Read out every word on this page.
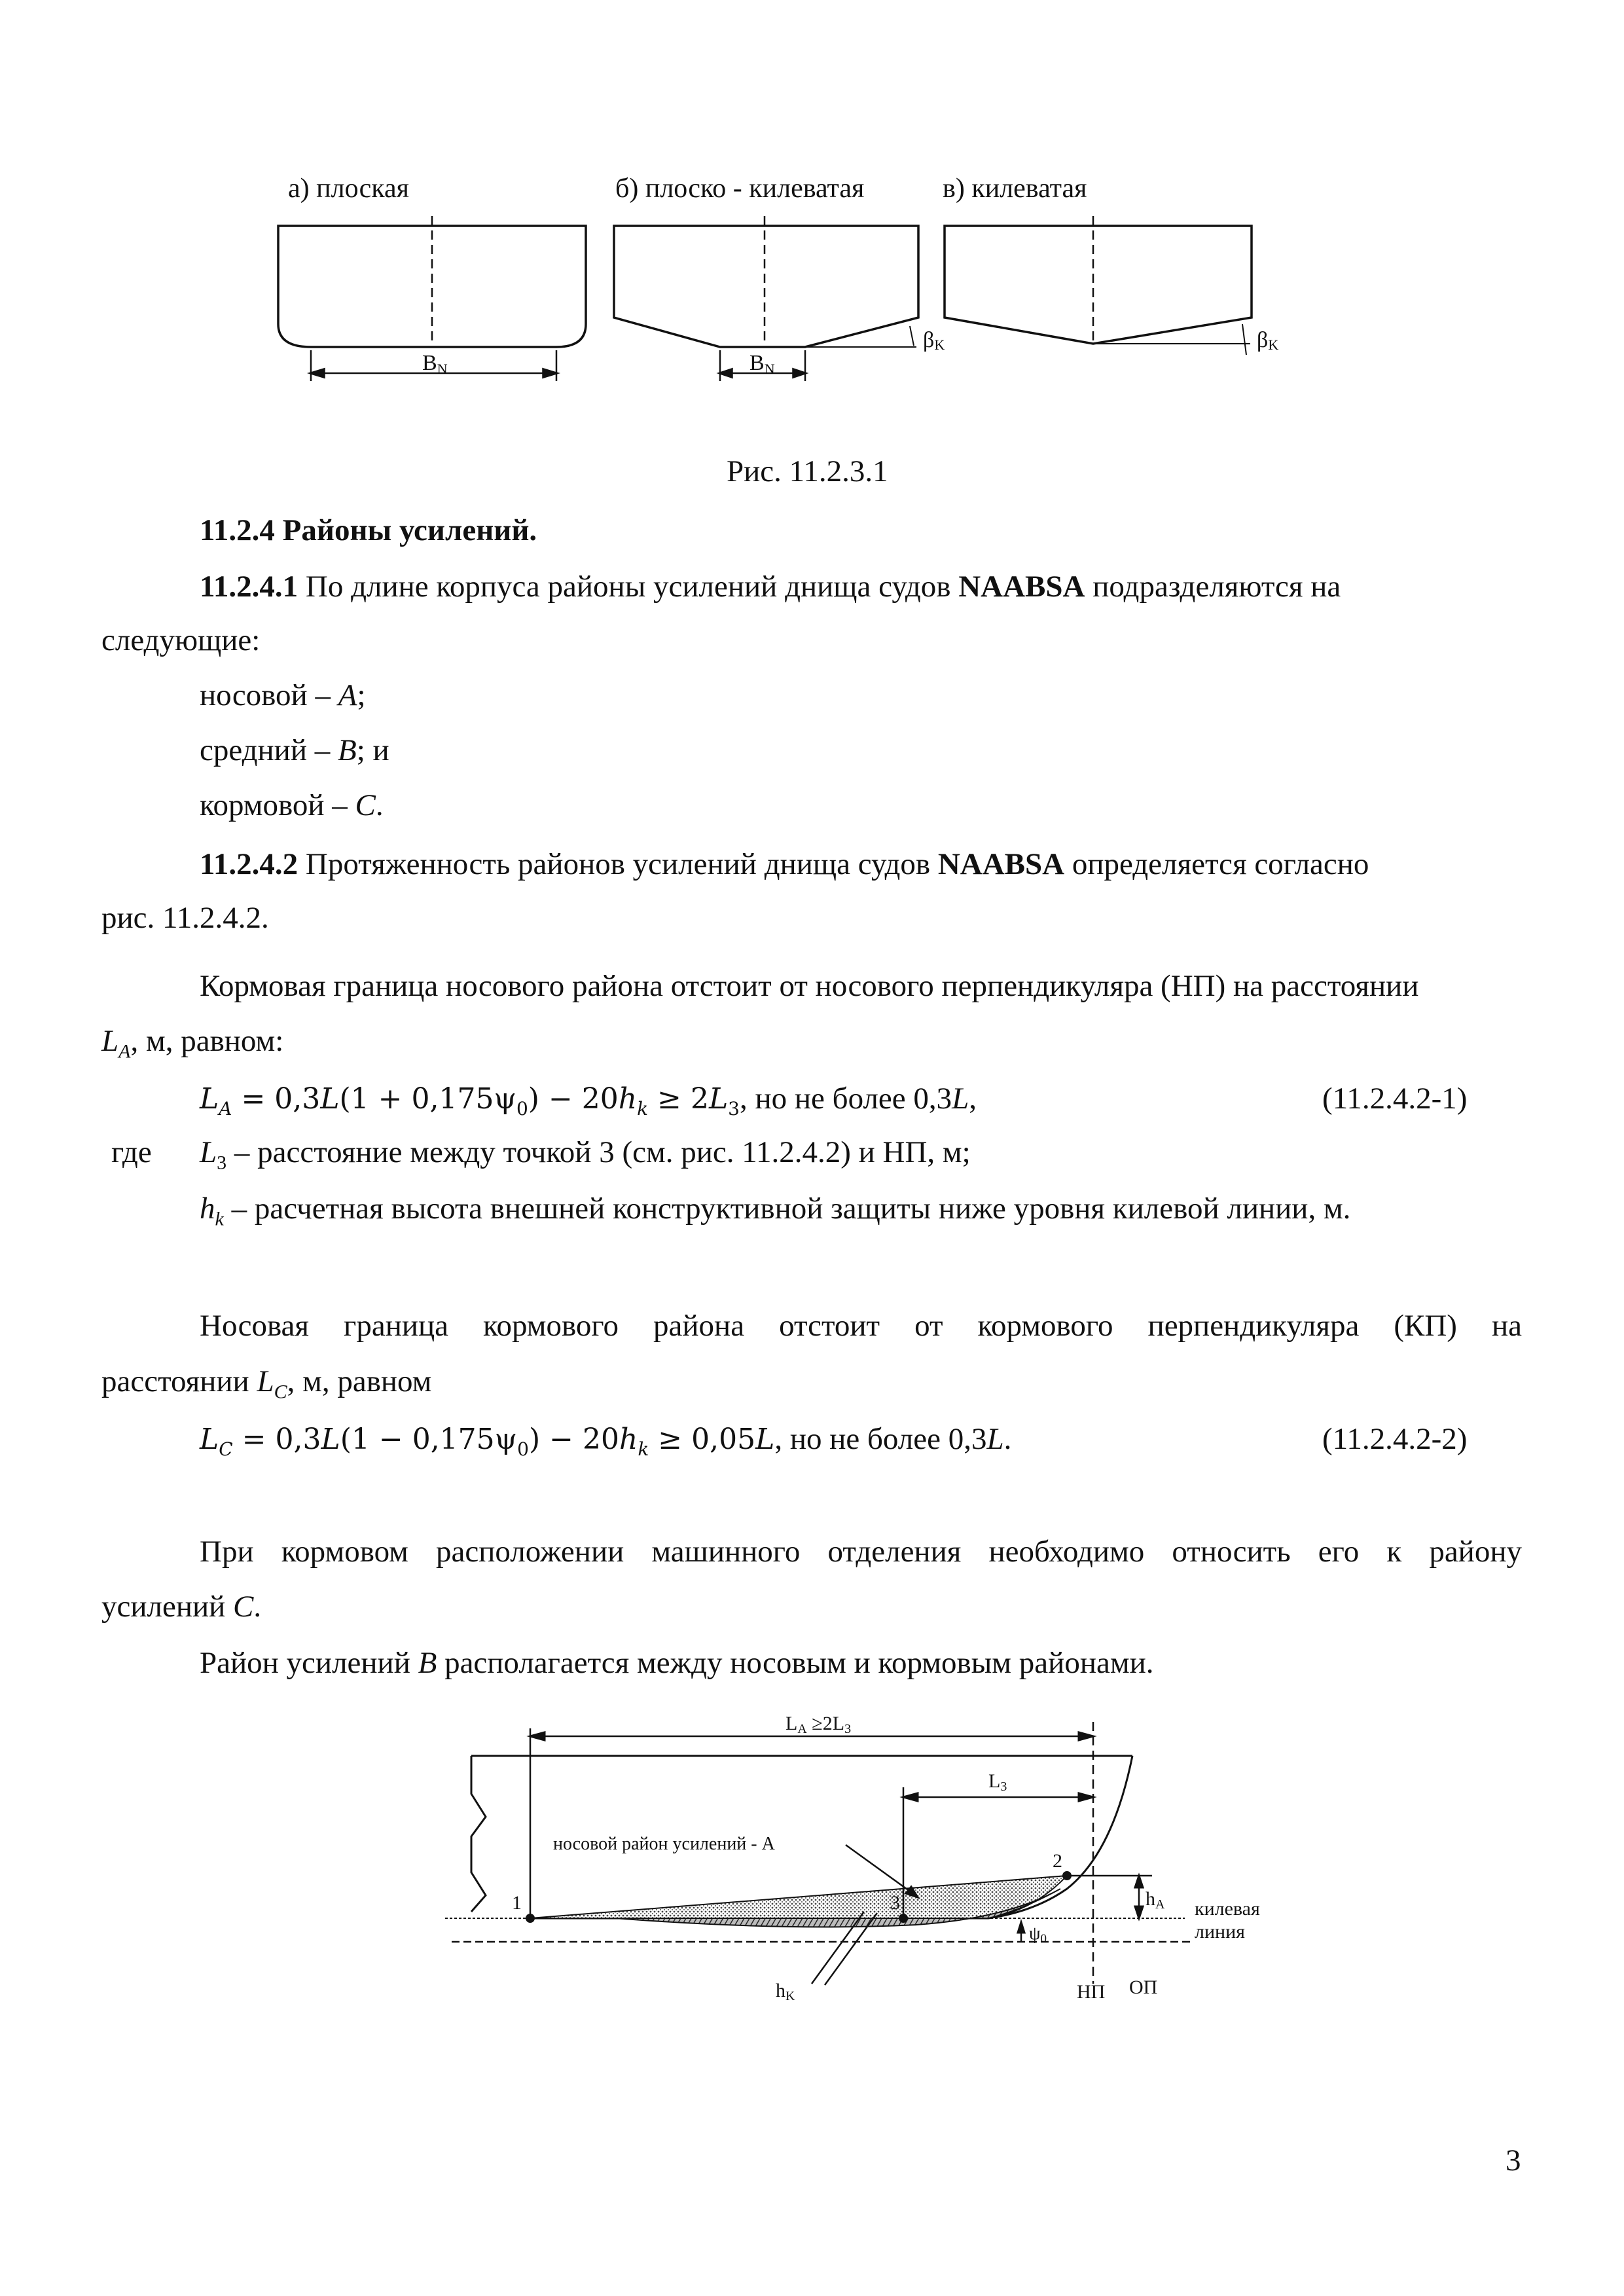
а) плоская	б) плоско - килеватая	в) килеватая
BN	BN
βK	βK
Рис. 11.2.3.1
11.2.4 Районы усилений.
11.2.4.1 По длине корпуса районы усилений днища судов NAABSA подразделяются на
следующие:
носовой – A;
средний – B; и
кормовой – C.
11.2.4.2 Протяженность районов усилений днища судов NAABSA определяется согласно
рис. 11.2.4.2.
Кормовая граница носового района отстоит от носового перпендикуляра (НП) на расстоянии
$L_A$, м, равном:
$L_A = 0,3L(1 + 0,175\psi_0) - 20h_k \ge 2L_3$, но не более 0,3L,	(11.2.4.2-1)
где $L_3$ – расстояние между точкой 3 (см. рис. 11.2.4.2) и НП, м;
$h_k$ – расчетная высота внешней конструктивной защиты ниже уровня килевой линии, м.
Носовая граница кормового района отстоит от кормового перпендикуляра (КП) на
расстоянии $L_C$, м, равном
$L_C = 0,3L(1 - 0,175\psi_0) - 20h_k \ge 0,05L$, но не более 0,3L.	(11.2.4.2-2)
При кормовом расположении машинного отделения необходимо относить его к району
усилений C.
Район усилений B располагается между носовым и кормовым районами.
LA ≥2L3
L3
носовой район усилений - А
1
2
3	hA килевая
линия
ψ0
hK	НП ОП
3
